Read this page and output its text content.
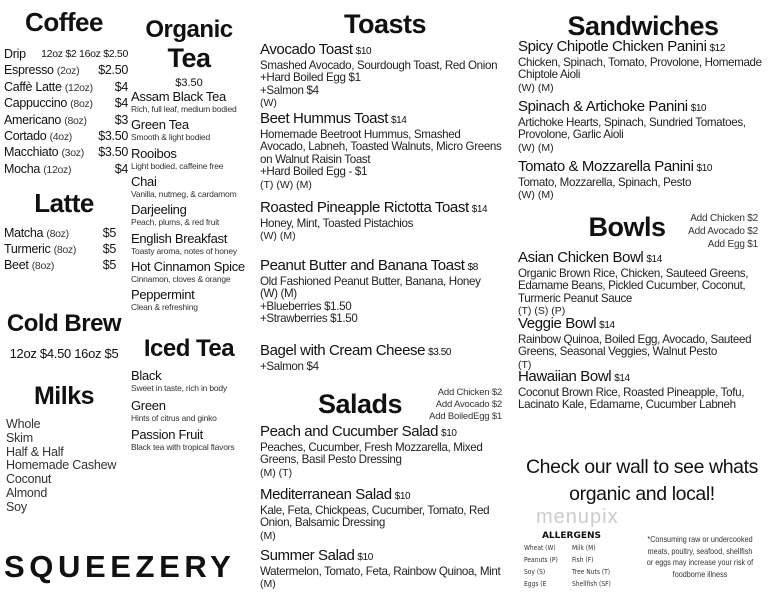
Coffee
Drip 12oz $2 16oz $2.50
Espresso (2oz) $2.50
Caffè Latte (12oz) $4
Cappuccino (8oz) $4
Americano (8oz) $3
Cortado (4oz) $3.50
Macchiato (3oz) $3.50
Mocha (12oz)	$4
Latte
Matcha (8oz)	$5
Turmeric (8oz) $5
Beet (8oz)	$5
Cold Brew
12oz $4.50 16oz $5
Milks
Whole
Skim
Half & Half
Homemade Cashew
Coconut
Almond
Soy
SQUEEZERY
Organic
Tea
$3.50
Assam Black Tea
Rich, full leaf, medium bodied
Green Tea
Smooth & light bodied
Rooibos
Light bodied, caffeine free
Chai
Vanilla, nutmeg, & cardamom
Darjeeling
Peach, plums, & red fruit
English Breakfast
Toasty aroma, notes of honey
Hot Cinnamon Spice
Cinnamon, cloves & orange
Peppermint
Clean & refreshing
Iced Tea
Black
Sweet in taste, rich in body
Green
Hints of citrus and ginko
Passion Fruit
Black tea with tropical flavors
Toasts
Avocado Toast $10
Smashed Avocado, Sourdough Toast, Red Onion
+Hard Boiled Egg $1
+Salmon $4
(W)
Beet Hummus Toast $14
Homemade Beetroot Hummus, Smashed
Avocado, Labneh, Toasted Walnuts, Micro Greens
on Walnut Raisin Toast
+Hard Boiled Egg - $1
(T) (W) (M)
Roasted Pineapple Rictotta Toast $14
Honey, Mint, Toasted Pistachios
(W) (M)
Peanut Butter and Banana Toast $8
Old Fashioned Peanut Butter, Banana, Honey
(W) (M)
+Blueberries $1.50
+Strawberries $1.50
Bagel with Cream Cheese $3.50
+Salmon $4
Salads	Add Chicken $2
Add Avocado $2
Add BoiledEgg $1
Peach and Cucumber Salad $10
Peaches, Cucumber, Fresh Mozzarella, Mixed
Greens, Basil Pesto Dressing
(M) (T)
Mediterranean Salad $10
Kale, Feta, Chickpeas, Cucumber, Tomato, Red
Onion, Balsamic Dressing
(M)
Summer Salad $10
Watermelon, Tomato, Feta, Rainbow Quinoa, Mint
(M)
Sandwiches
Spicy Chipotle Chicken Panini $12
Chicken, Spinach, Tomato, Provolone, Homemade
Chiptole Aioli
(W) (M)
Spinach & Artichoke Panini $10
Artichoke Hearts, Spinach, Sundried Tomatoes,
Provolone, Garlic Aioli
(W) (M)
Tomato & Mozzarella Panini $10
Tomato, Mozzarella, Spinach, Pesto
(W) (M)
Bowls	Add Chicken $2
Add Avocado $2
Add Egg $1
Asian Chicken Bowl $14
Organic Brown Rice, Chicken, Sauteed Greens,
Edamame Beans, Pickled Cucumber, Coconut,
Turmeric Peanut Sauce
(T) (S) (P)
Veggie Bowl $14
Rainbow Quinoa, Boiled Egg, Avocado, Sauteed
Greens, Seasonal Veggies, Walnut Pesto
(T)
Hawaiian Bowl $14
Coconut Brown Rice, Roasted Pineapple, Tofu,
Lacinato Kale, Edamame, Cucumber Labneh
Check our wall to see whats
organic and local!
menupix
ALLERGENS
Wheat (W) Milk (M)
Peanuts (P) Fish (F)
Soy (S)	Tree Nuts (T)
Eggs (E	Shellfish (SF)
*Consuming raw or undercooked meats, poultry, seafood, shellfish or eggs may increase your risk of foodborne illness
